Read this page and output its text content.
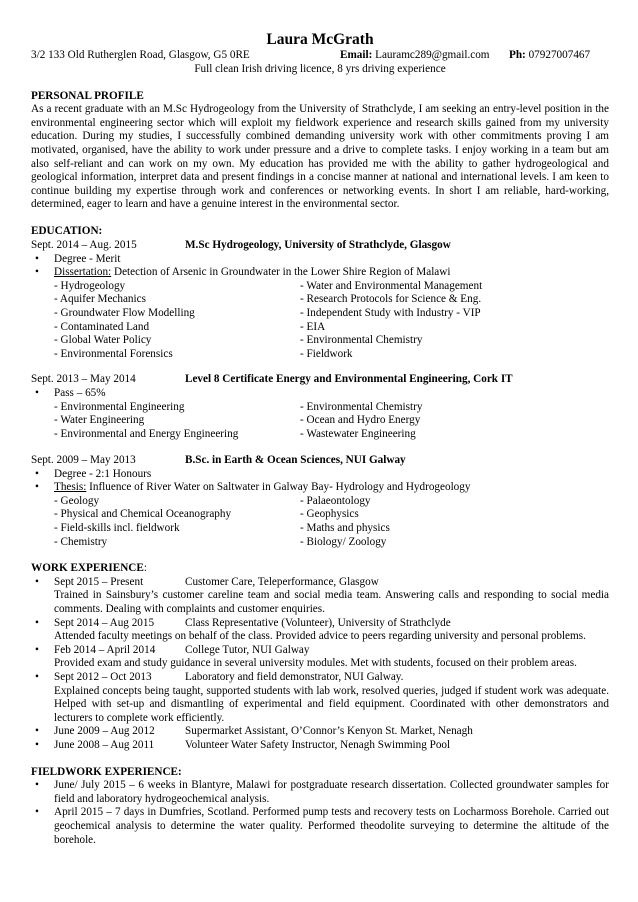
Laura McGrath
3/2 133 Old Rutherglen Road, Glasgow, G5 0RE	Email: Lauramc289@gmail.com Ph: 07927007467
Full clean Irish driving licence, 8 yrs driving experience
PERSONAL PROFILE
As a recent graduate with an M.Sc Hydrogeology from the University of Strathclyde, I am seeking an entry-level position in the environmental engineering sector which will exploit my fieldwork experience and research skills gained from my university education. During my studies, I successfully combined demanding university work with other commitments proving I am motivated, organised, have the ability to work under pressure and a drive to complete tasks. I enjoy working in a team but am also self-reliant and can work on my own. My education has provided me with the ability to gather hydrogeological and geological information, interpret data and present findings in a concise manner at national and international levels. I am keen to continue building my expertise through work and conferences or networking events. In short I am reliable, hard-working, determined, eager to learn and have a genuine interest in the environmental sector.
EDUCATION:
Sept. 2014 – Aug. 2015	M.Sc Hydrogeology, University of Strathclyde, Glasgow
• Degree - Merit
• Dissertation: Detection of Arsenic in Groundwater in the Lower Shire Region of Malawi
- Hydrogeology	- Water and Environmental Management
- Aquifer Mechanics	- Research Protocols for Science & Eng.
- Groundwater Flow Modelling	- Independent Study with Industry - VIP
- Contaminated Land	- EIA
- Global Water Policy	- Environmental Chemistry
- Environmental Forensics	- Fieldwork
Sept. 2013 – May 2014	Level 8 Certificate Energy and Environmental Engineering, Cork IT
• Pass – 65%
- Environmental Engineering	- Environmental Chemistry
- Water Engineering	- Ocean and Hydro Energy
- Environmental and Energy Engineering	- Wastewater Engineering
Sept. 2009 – May 2013	B.Sc. in Earth & Ocean Sciences, NUI Galway
• Degree - 2:1 Honours
• Thesis: Influence of River Water on Saltwater in Galway Bay- Hydrology and Hydrogeology
- Geology	- Palaeontology
- Physical and Chemical Oceanography	- Geophysics
- Field-skills incl. fieldwork	- Maths and physics
- Chemistry	- Biology/ Zoology
WORK EXPERIENCE:
• Sept 2015 – Present	Customer Care, Teleperformance, Glasgow
Trained in Sainsbury’s customer careline team and social media team. Answering calls and responding to social media comments. Dealing with complaints and customer enquiries.
• Sept 2014 – Aug 2015	Class Representative (Volunteer), University of Strathclyde
Attended faculty meetings on behalf of the class. Provided advice to peers regarding university and personal problems.
• Feb 2014 – April 2014	College Tutor, NUI Galway
Provided exam and study guidance in several university modules. Met with students, focused on their problem areas.
• Sept 2012 – Oct 2013	Laboratory and field demonstrator, NUI Galway.
Explained concepts being taught, supported students with lab work, resolved queries, judged if student work was adequate. Helped with set-up and dismantling of experimental and field equipment. Coordinated with other demonstrators and lecturers to complete work efficiently.
• June 2009 – Aug 2012	Supermarket Assistant, O’Connor’s Kenyon St. Market, Nenagh
• June 2008 – Aug 2011	Volunteer Water Safety Instructor, Nenagh Swimming Pool
FIELDWORK EXPERIENCE:
• June/ July 2015 – 6 weeks in Blantyre, Malawi for postgraduate research dissertation. Collected groundwater samples for field and laboratory hydrogeochemical analysis.
• April 2015 – 7 days in Dumfries, Scotland. Performed pump tests and recovery tests on Locharmoss Borehole. Carried out geochemical analysis to determine the water quality. Performed theodolite surveying to determine the altitude of the borehole.
